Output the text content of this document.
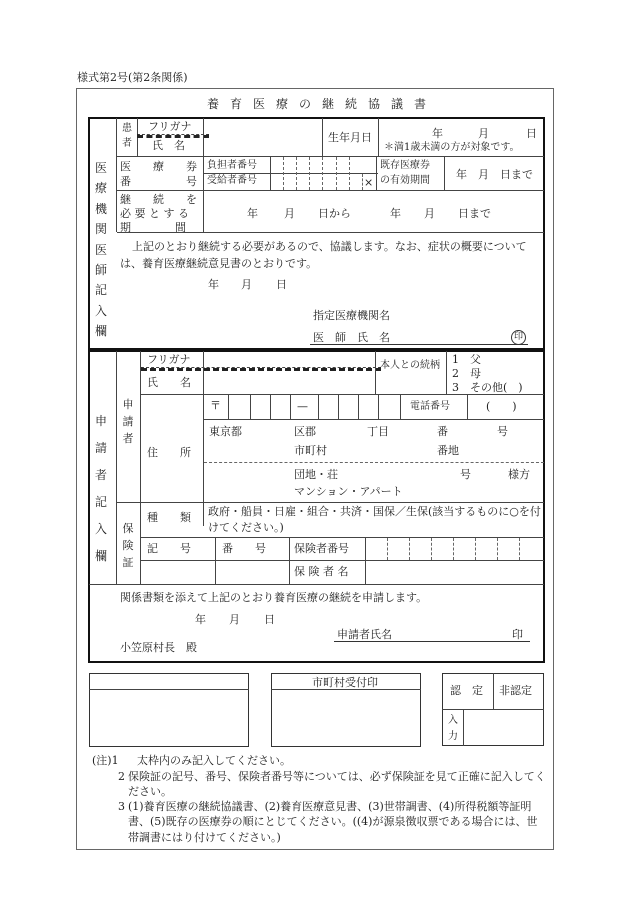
様式第2号(第2条関係)
養育医療の継続協議書
医療機関医師記入欄
患者
フリガナ
氏　名
生年月日	年	月	日
＊満1歳未満の方が対象です。
医　　療　　券
番　　　　　号
負担者番号
受給者番号	×
既存医療券
の有効期間 年　月　日まで
継　　続　　を
必 要 と す る
期　　　　間
年 月 日から	年 月 日まで
上記のとおり継続する必要があるので、協議します。なお、症状の概要については、養育医療継続意見書のとおりです。
年 月 日
指定医療機関名
医　師　氏　名	印
申請者記入欄
申請者
フリガナ
氏　　名
本人との続柄 1　父
2　母
3　その他(　)
住　　所
〒	—	電話番号	(　　)
東京都	区郡	丁目	番	号
市町村	番地
団地・荘	号	様方
マンション・アパート
保険証
種　　類 政府・船員・日雇・組合・共済・国保／生保(該当するものに○を付けてください。)
記　　号	番　　号	保険者番号
保 険 者 名
関係書類を添えて上記のとおり養育医療の継続を申請します。
年 月 日
申請者氏名	印
小笠原村長　殿
市町村受付印
認　定 非認定
入力
(注)1 太枠内のみ記入してください。
2 保険証の記号、番号、保険者番号等については、必ず保険証を見て正確に記入してください。
3 (1)養育医療の継続協議書、(2)養育医療意見書、(3)世帯調書、(4)所得税額等証明書、(5)既存の医療券の順にとじてください。((4)が源泉徴収票である場合には、世帯調書にはり付けてください。)
